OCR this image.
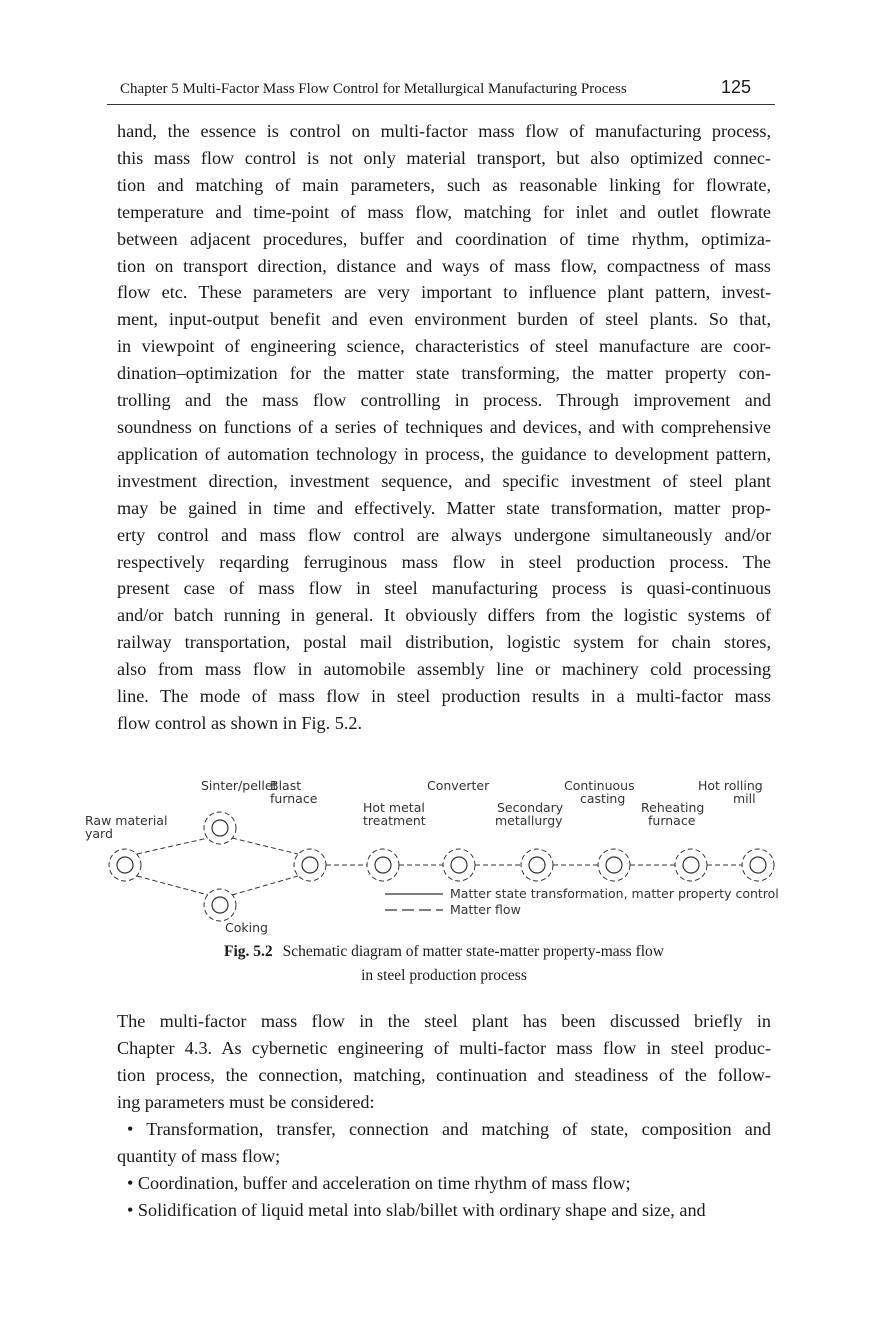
Chapter 5 Multi-Factor Mass Flow Control for Metallurgical Manufacturing Process	125
hand, the essence is control on multi-factor mass flow of manufacturing process,
this mass flow control is not only material transport, but also optimized connec-
tion and matching of main parameters, such as reasonable linking for flowrate,
temperature and time-point of mass flow, matching for inlet and outlet flowrate
between adjacent procedures, buffer and coordination of time rhythm, optimiza-
tion on transport direction, distance and ways of mass flow, compactness of mass
flow etc. These parameters are very important to influence plant pattern, invest-
ment, input-output benefit and even environment burden of steel plants. So that,
in viewpoint of engineering science, characteristics of steel manufacture are coor-
dination–optimization for the matter state transforming, the matter property con-
trolling and the mass flow controlling in process. Through improvement and
soundness on functions of a series of techniques and devices, and with comprehensive
application of automation technology in process, the guidance to development pattern,
investment direction, investment sequence, and specific investment of steel plant
may be gained in time and effectively. Matter state transformation, matter prop-
erty control and mass flow control are always undergone simultaneously and/or
respectively reqarding ferruginous mass flow in steel production process. The
present case of mass flow in steel manufacturing process is quasi-continuous
and/or batch running in general. It obviously differs from the logistic systems of
railway transportation, postal mail distribution, logistic system for chain stores,
also from mass flow in automobile assembly line or machinery cold processing
line. The mode of mass flow in steel production results in a multi-factor mass
flow control as shown in Fig. 5.2.
Sinter/pellet
Blast
furnace
Converter	Continuous
casting
Hot rolling
mill
Hot metal
treatment
Secondary
metallurgy
Reheating
furnace
Raw material
yard
Matter state transformation, matter property control
Coking
Matter flow
Fig. 5.2 Schematic diagram of matter state-matter property-mass flow
in steel production process
The multi-factor mass flow in the steel plant has been discussed briefly in
Chapter 4.3. As cybernetic engineering of multi-factor mass flow in steel produc-
tion process, the connection, matching, continuation and steadiness of the follow-
ing parameters must be considered:
• Transformation, transfer, connection and matching of state, composition and
quantity of mass flow;
• Coordination, buffer and acceleration on time rhythm of mass flow;
• Solidification of liquid metal into slab/billet with ordinary shape and size, and
